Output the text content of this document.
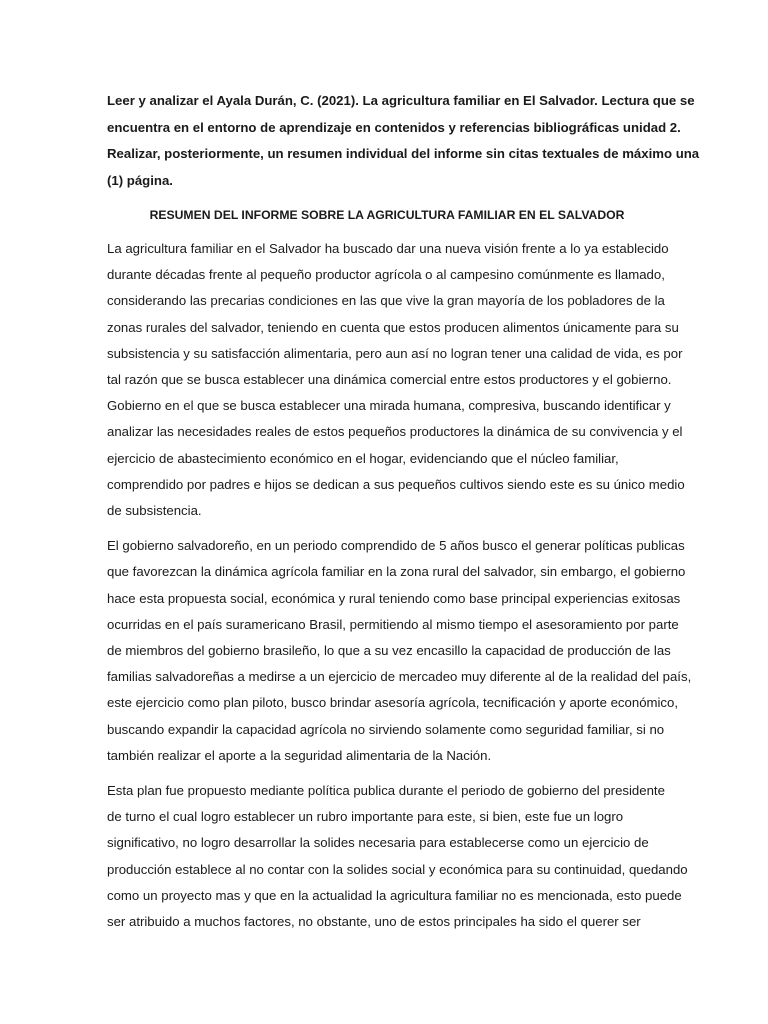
Leer y analizar el Ayala Durán, C. (2021). La agricultura familiar en El Salvador. Lectura que se
encuentra en el entorno de aprendizaje en contenidos y referencias bibliográficas unidad 2.
Realizar, posteriormente, un resumen individual del informe sin citas textuales de máximo una
(1) página.
RESUMEN DEL INFORME SOBRE LA AGRICULTURA FAMILIAR EN EL SALVADOR
La agricultura familiar en el Salvador ha buscado dar una nueva visión frente a lo ya establecido
durante décadas frente al pequeño productor agrícola o al campesino comúnmente es llamado,
considerando las precarias condiciones en las que vive la gran mayoría de los pobladores de la
zonas rurales del salvador, teniendo en cuenta que estos producen alimentos únicamente para su
subsistencia y su satisfacción alimentaria, pero aun así no logran tener una calidad de vida, es por
tal razón que se busca establecer una dinámica comercial entre estos productores y el gobierno.
Gobierno en el que se busca establecer una mirada humana, compresiva, buscando identificar y
analizar las necesidades reales de estos pequeños productores la dinámica de su convivencia y el
ejercicio de abastecimiento económico en el hogar, evidenciando que el núcleo familiar,
comprendido por padres e hijos se dedican a sus pequeños cultivos siendo este es su único medio
de subsistencia.
El gobierno salvadoreño, en un periodo comprendido de 5 años busco el generar políticas publicas
que favorezcan la dinámica agrícola familiar en la zona rural del salvador, sin embargo, el gobierno
hace esta propuesta social, económica y rural teniendo como base principal experiencias exitosas
ocurridas en el país suramericano Brasil, permitiendo al mismo tiempo el asesoramiento por parte
de miembros del gobierno brasileño, lo que a su vez encasillo la capacidad de producción de las
familias salvadoreñas a medirse a un ejercicio de mercadeo muy diferente al de la realidad del país,
este ejercicio como plan piloto, busco brindar asesoría agrícola, tecnificación y aporte económico,
buscando expandir la capacidad agrícola no sirviendo solamente como seguridad familiar, si no
también realizar el aporte a la seguridad alimentaria de la Nación.
Esta plan fue propuesto mediante política publica durante el periodo de gobierno del presidente
de turno el cual logro establecer un rubro importante para este, si bien, este fue un logro
significativo, no logro desarrollar la solides necesaria para establecerse como un ejercicio de
producción establece al no contar con la solides social y económica para su continuidad, quedando
como un proyecto mas y que en la actualidad la agricultura familiar no es mencionada, esto puede
ser atribuido a muchos factores, no obstante, uno de estos principales ha sido el querer ser
